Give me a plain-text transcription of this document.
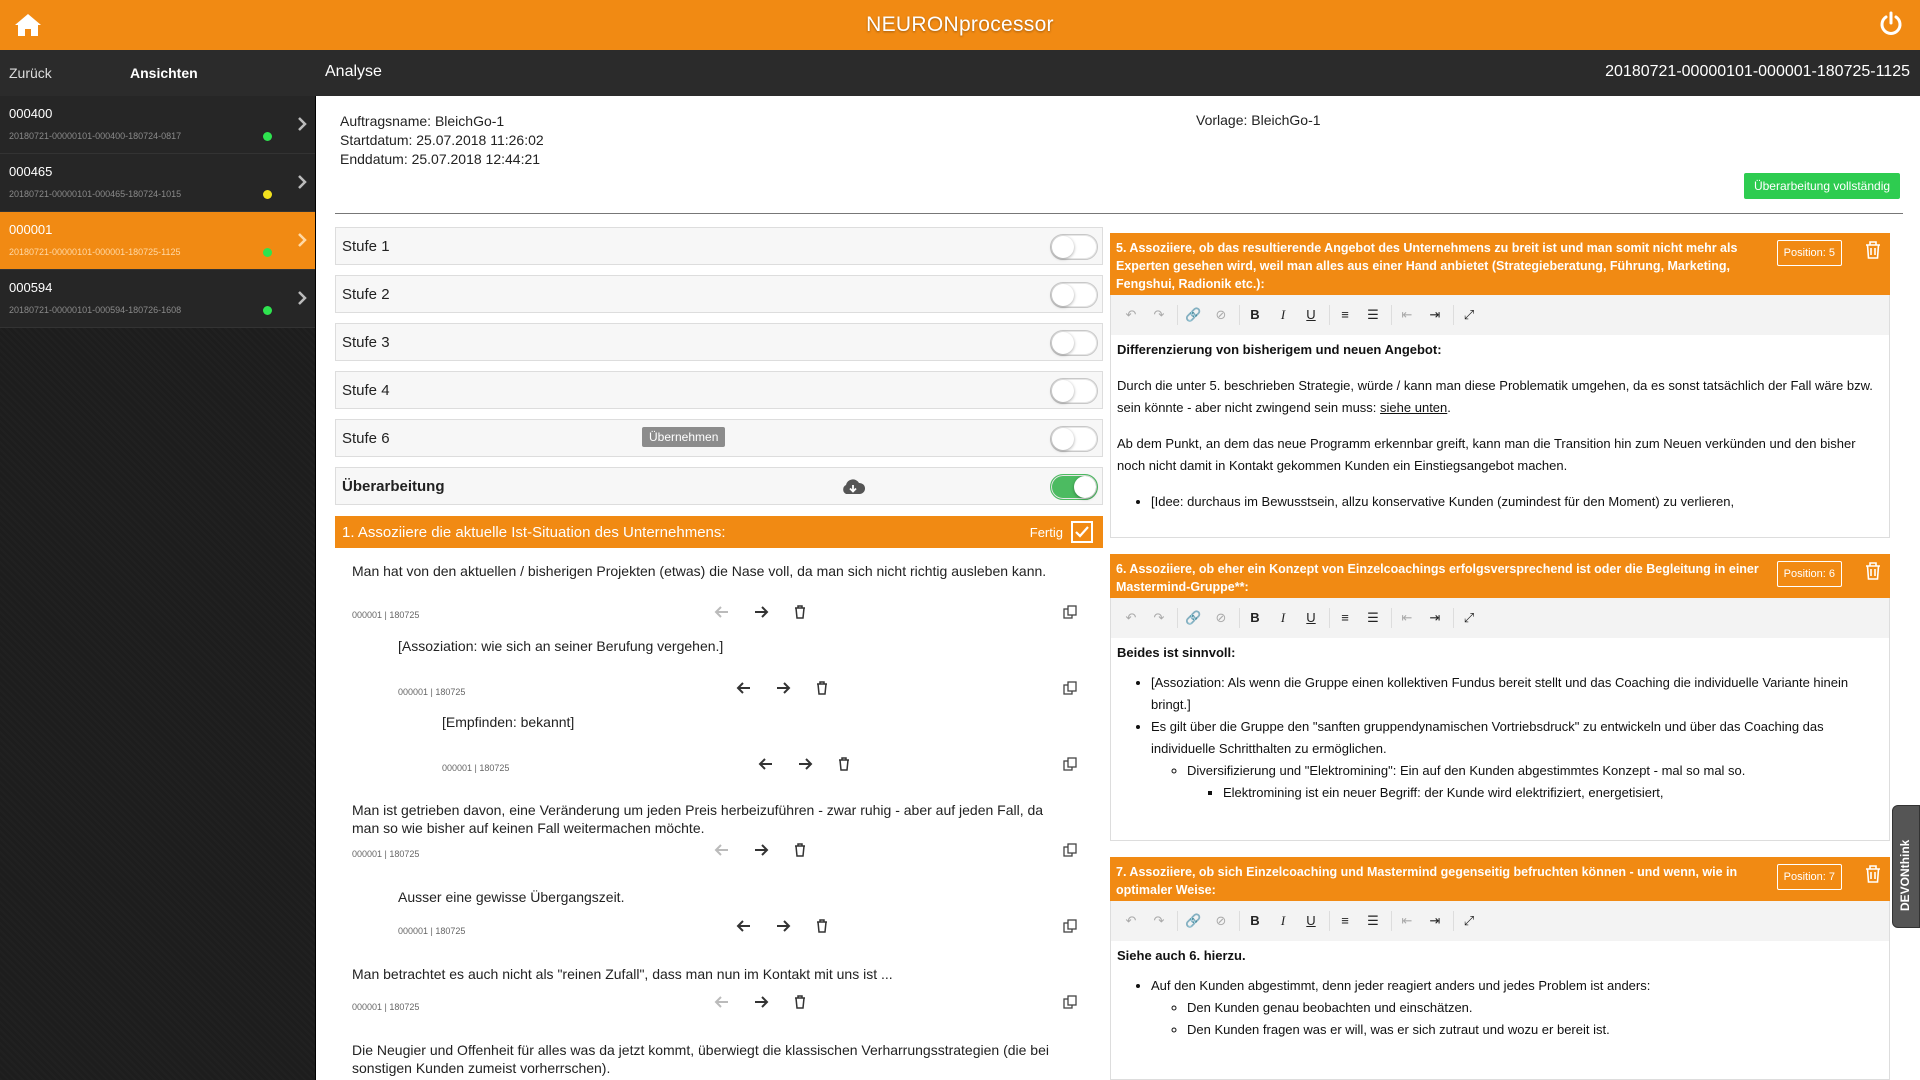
NEURONprocessor
Zurück	Ansichten	Analyse	20180721-00000101-000001-180725-1125
000400
20180721-00000101-000400-180724-0817
000465
20180721-00000101-000465-180724-1015
000001
20180721-00000101-000001-180725-1125
000594
20180721-00000101-000594-180726-1608
Auftragsname: BleichGo-1
Startdatum: 25.07.2018 11:26:02
Enddatum: 25.07.2018 12:44:21
Vorlage: BleichGo-1
Überarbeitung vollständig
Stufe 1
Stufe 2
Stufe 3
Stufe 4
Stufe 6	Übernehmen
Überarbeitung
1. Assoziiere die aktuelle Ist-Situation des Unternehmens:	Fertig
Man hat von den aktuellen / bisherigen Projekten (etwas) die Nase voll, da man sich nicht richtig ausleben kann.
000001 | 180725
[Assoziation: wie sich an seiner Berufung vergehen.]
000001 | 180725
[Empfinden: bekannt]
000001 | 180725
Man ist getrieben davon, eine Veränderung um jeden Preis herbeizuführen - zwar ruhig - aber auf jeden Fall, da man so wie bisher auf keinen Fall weitermachen möchte.
000001 | 180725
Ausser eine gewisse Übergangszeit.
000001 | 180725
Man betrachtet es auch nicht als "reinen Zufall", dass man nun im Kontakt mit uns ist ...
000001 | 180725
Die Neugier und Offenheit für alles was da jetzt kommt, überwiegt die klassischen Verharrungsstrategien (die bei sonstigen Kunden zumeist vorherrschen).
5. Assoziiere, ob das resultierende Angebot des Unternehmens zu breit ist und man somit nicht mehr als Experten gesehen wird, weil man alles aus einer Hand anbietet (Strategieberatung, Führung, Marketing, Fengshui, Radionik etc.):
Position: 5
↶ ↷ 🔗 ⊘ B	I	U	≡	☰ ⇤ ⇥ ⤢

Differenzierung von bisherigem und neuen Angebot:

Durch die unter 5. beschrieben Strategie, würde / kann man diese Problematik umgehen, da es sonst tatsächlich der Fall wäre bzw. sein könnte - aber nicht zwingend sein muss: siehe unten.

Ab dem Punkt, an dem das neue Programm erkennbar greift, kann man die Transition hin zum Neuen verkünden und den bisher noch nicht damit in Kontakt gekommen Kunden ein Einstiegsangebot machen.

• [Idee: durchaus im Bewusstsein, allzu konservative Kunden (zumindest für den Moment) zu verlieren,
6. Assoziiere, ob eher ein Konzept von Einzelcoachings erfolgsversprechend ist oder die Begleitung in einer Mastermind-Gruppe**:
Position: 6
↶ ↷ 🔗 ⊘ B	I	U	≡	☰ ⇤ ⇥ ⤢

Beides ist sinnvoll:

• [Assoziation: Als wenn die Gruppe einen kollektiven Fundus bereit stellt und das Coaching die individuelle Variante hinein bringt.]
• Es gilt über die Gruppe den "sanften gruppendynamischen Vortriebsdruck" zu entwickeln und über das Coaching das individuelle Schritthalten zu ermöglichen.
◦ Diversifizierung und "Elektromining": Ein auf den Kunden abgestimmtes Konzept - mal so mal so.
▪ Elektromining ist ein neuer Begriff: der Kunde wird elektrifiziert, energetisiert,
7. Assoziiere, ob sich Einzelcoaching und Mastermind gegenseitig befruchten können - und wenn, wie in optimaler Weise:
Position: 7
↶ ↷ 🔗 ⊘ B	I	U	≡	☰ ⇤ ⇥ ⤢

Siehe auch 6. hierzu.

• Auf den Kunden abgestimmt, denn jeder reagiert anders und jedes Problem ist anders:
◦ Den Kunden genau beobachten und einschätzen.
◦ Den Kunden fragen was er will, was er sich zutraut und wozu er bereit ist.
DEVONthink
